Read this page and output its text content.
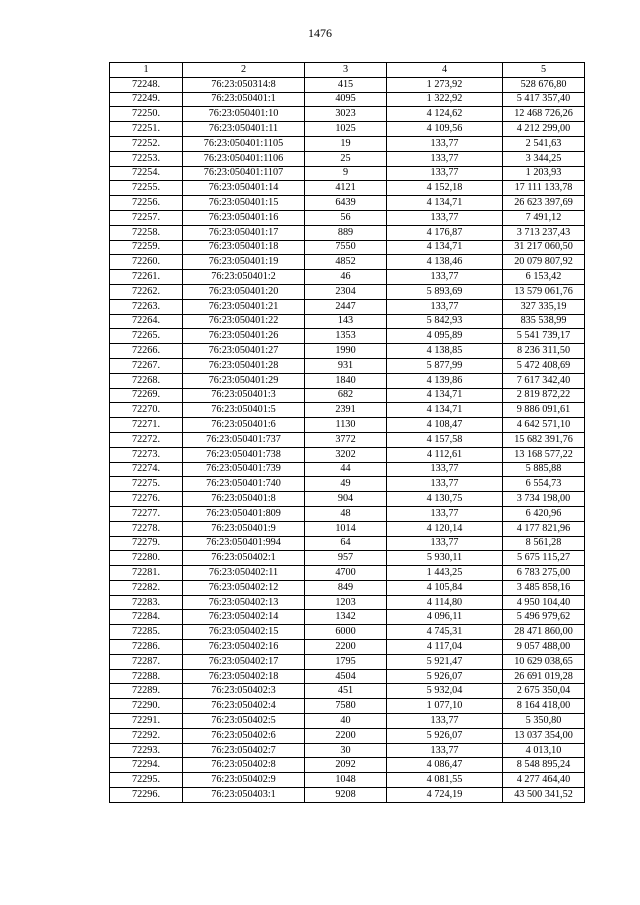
1476
1	2	3	4	5
72248.	76:23:050314:8	415	1 273,92	528 676,80
72249.	76:23:050401:1	4095	1 322,92	5 417 357,40
72250.	76:23:050401:10	3023	4 124,62	12 468 726,26
72251.	76:23:050401:11	1025	4 109,56	4 212 299,00
72252.	76:23:050401:1105	19	133,77	2 541,63
72253.	76:23:050401:1106	25	133,77	3 344,25
72254.	76:23:050401:1107	9	133,77	1 203,93
72255.	76:23:050401:14	4121	4 152,18	17 111 133,78
72256.	76:23:050401:15	6439	4 134,71	26 623 397,69
72257.	76:23:050401:16	56	133,77	7 491,12
72258.	76:23:050401:17	889	4 176,87	3 713 237,43
72259.	76:23:050401:18	7550	4 134,71	31 217 060,50
72260.	76:23:050401:19	4852	4 138,46	20 079 807,92
72261.	76:23:050401:2	46	133,77	6 153,42
72262.	76:23:050401:20	2304	5 893,69	13 579 061,76
72263.	76:23:050401:21	2447	133,77	327 335,19
72264.	76:23:050401:22	143	5 842,93	835 538,99
72265.	76:23:050401:26	1353	4 095,89	5 541 739,17
72266.	76:23:050401:27	1990	4 138,85	8 236 311,50
72267.	76:23:050401:28	931	5 877,99	5 472 408,69
72268.	76:23:050401:29	1840	4 139,86	7 617 342,40
72269.	76:23:050401:3	682	4 134,71	2 819 872,22
72270.	76:23:050401:5	2391	4 134,71	9 886 091,61
72271.	76:23:050401:6	1130	4 108,47	4 642 571,10
72272.	76:23:050401:737	3772	4 157,58	15 682 391,76
72273.	76:23:050401:738	3202	4 112,61	13 168 577,22
72274.	76:23:050401:739	44	133,77	5 885,88
72275.	76:23:050401:740	49	133,77	6 554,73
72276.	76:23:050401:8	904	4 130,75	3 734 198,00
72277.	76:23:050401:809	48	133,77	6 420,96
72278.	76:23:050401:9	1014	4 120,14	4 177 821,96
72279.	76:23:050401:994	64	133,77	8 561,28
72280.	76:23:050402:1	957	5 930,11	5 675 115,27
72281.	76:23:050402:11	4700	1 443,25	6 783 275,00
72282.	76:23:050402:12	849	4 105,84	3 485 858,16
72283.	76:23:050402:13	1203	4 114,80	4 950 104,40
72284.	76:23:050402:14	1342	4 096,11	5 496 979,62
72285.	76:23:050402:15	6000	4 745,31	28 471 860,00
72286.	76:23:050402:16	2200	4 117,04	9 057 488,00
72287.	76:23:050402:17	1795	5 921,47	10 629 038,65
72288.	76:23:050402:18	4504	5 926,07	26 691 019,28
72289.	76:23:050402:3	451	5 932,04	2 675 350,04
72290.	76:23:050402:4	7580	1 077,10	8 164 418,00
72291.	76:23:050402:5	40	133,77	5 350,80
72292.	76:23:050402:6	2200	5 926,07	13 037 354,00
72293.	76:23:050402:7	30	133,77	4 013,10
72294.	76:23:050402:8	2092	4 086,47	8 548 895,24
72295.	76:23:050402:9	1048	4 081,55	4 277 464,40
72296.	76:23:050403:1	9208	4 724,19	43 500 341,52
